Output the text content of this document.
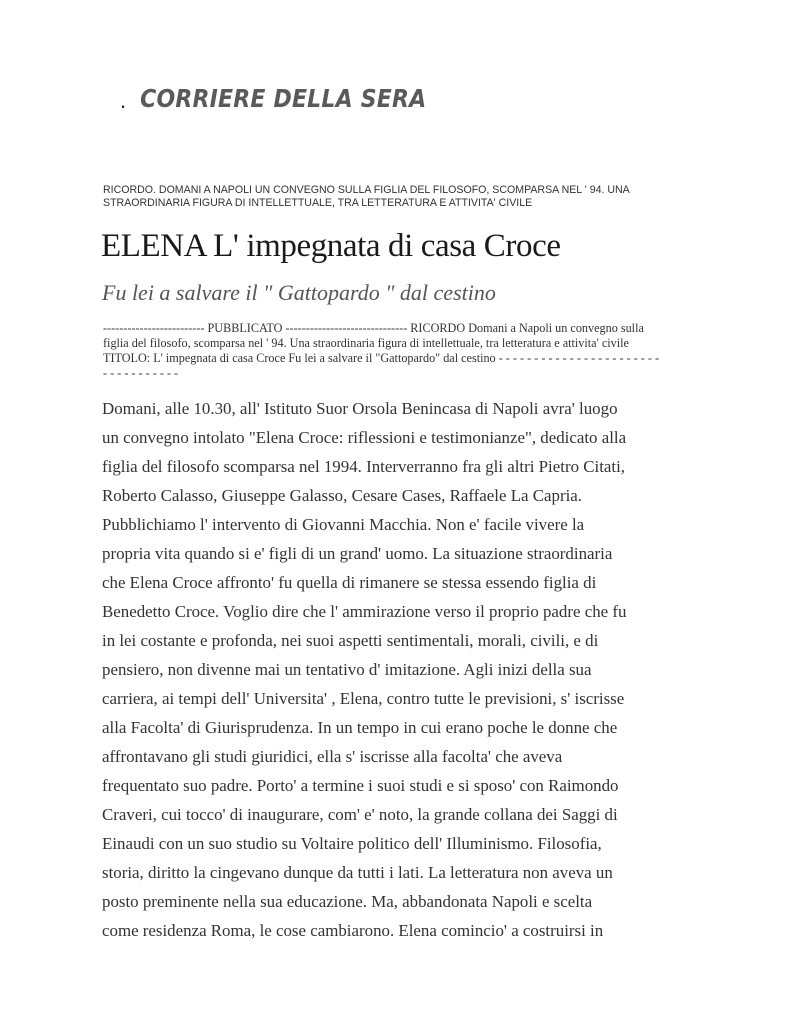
. CORRIERE DELLA SERA
RICORDO. DOMANI A NAPOLI UN CONVEGNO SULLA FIGLIA DEL FILOSOFO, SCOMPARSA NEL ' 94. UNA STRAORDINARIA FIGURA DI INTELLETTUALE, TRA LETTERATURA E ATTIVITA' CIVILE
ELENA L' impegnata di casa Croce
Fu lei a salvare il " Gattopardo " dal cestino
------------------------- PUBBLICATO ------------------------------ RICORDO Domani a Napoli un convegno sulla figlia del filosofo, scomparsa nel ' 94. Una straordinaria figura di intellettuale, tra letteratura e attivita' civile TITOLO: L' impegnata di casa Croce Fu lei a salvare il "Gattopardo" dal cestino - - - - - - - - - - - - - - - - - - - - - - - - - - - - - - - - - -
Domani, alle 10.30, all' Istituto Suor Orsola Benincasa di Napoli avra' luogo
un convegno intolato "Elena Croce: riflessioni e testimonianze", dedicato alla
figlia del filosofo scomparsa nel 1994. Interverranno fra gli altri Pietro Citati,
Roberto Calasso, Giuseppe Galasso, Cesare Cases, Raffaele La Capria.
Pubblichiamo l' intervento di Giovanni Macchia. Non e' facile vivere la
propria vita quando si e' figli di un grand' uomo. La situazione straordinaria
che Elena Croce affronto' fu quella di rimanere se stessa essendo figlia di
Benedetto Croce. Voglio dire che l' ammirazione verso il proprio padre che fu
in lei costante e profonda, nei suoi aspetti sentimentali, morali, civili, e di
pensiero, non divenne mai un tentativo d' imitazione. Agli inizi della sua
carriera, ai tempi dell' Universita' , Elena, contro tutte le previsioni, s' iscrisse
alla Facolta' di Giurisprudenza. In un tempo in cui erano poche le donne che
affrontavano gli studi giuridici, ella s' iscrisse alla facolta' che aveva
frequentato suo padre. Porto' a termine i suoi studi e si sposo' con Raimondo
Craveri, cui tocco' di inaugurare, com' e' noto, la grande collana dei Saggi di
Einaudi con un suo studio su Voltaire politico dell' Illuminismo. Filosofia,
storia, diritto la cingevano dunque da tutti i lati. La letteratura non aveva un
posto preminente nella sua educazione. Ma, abbandonata Napoli e scelta
come residenza Roma, le cose cambiarono. Elena comincio' a costruirsi in
